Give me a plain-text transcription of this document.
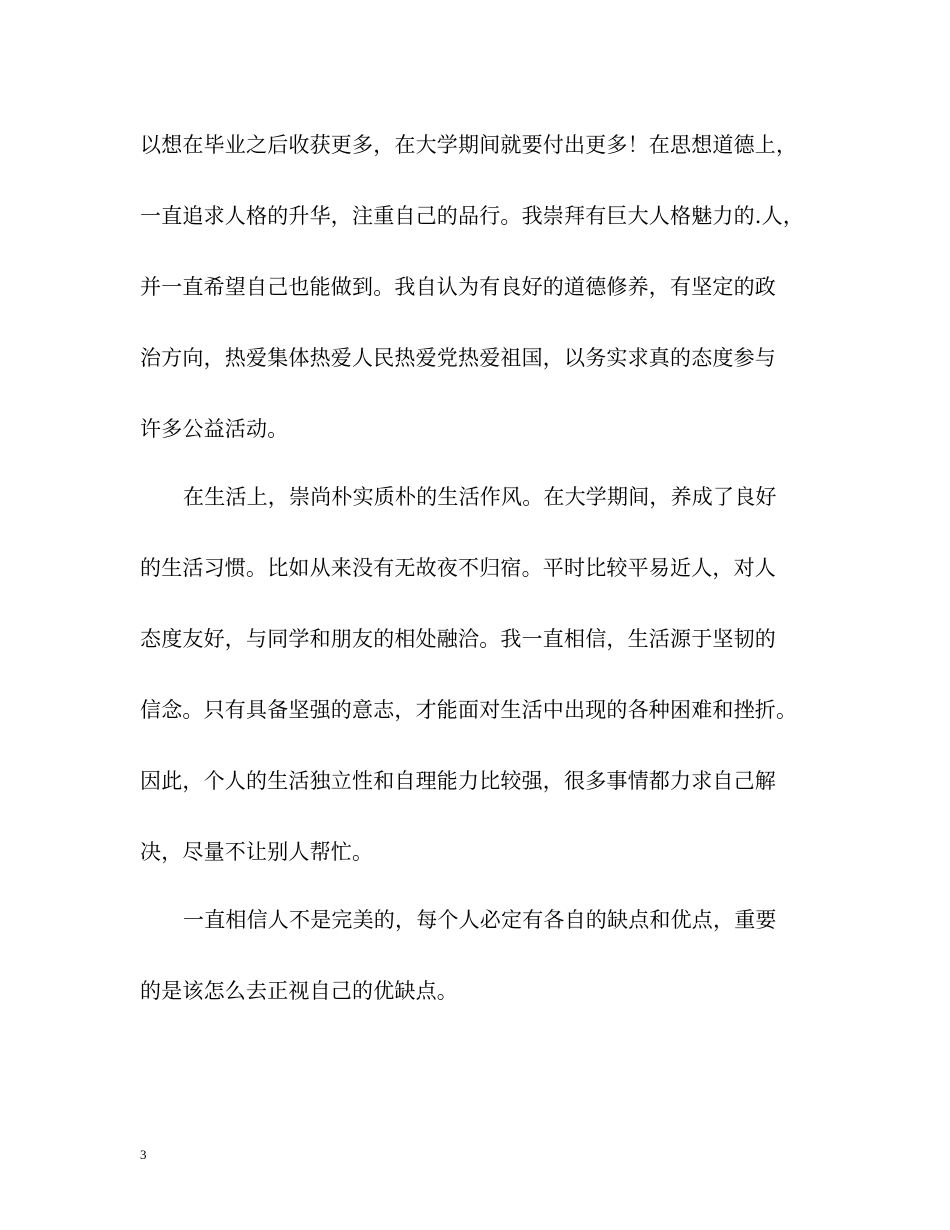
以想在毕业之后收获更多，在大学期间就要付出更多！在思想道德上，
一直追求人格的升华，注重自己的品行。我崇拜有巨大人格魅力的.人，
并一直希望自己也能做到。我自认为有良好的道德修养，有坚定的政
治方向，热爱集体热爱人民热爱党热爱祖国，以务实求真的态度参与
许多公益活动。
在生活上，崇尚朴实质朴的生活作风。在大学期间，养成了良好
的生活习惯。比如从来没有无故夜不归宿。平时比较平易近人，对人
态度友好，与同学和朋友的相处融洽。我一直相信，生活源于坚韧的
信念。只有具备坚强的意志，才能面对生活中出现的各种困难和挫折。
因此，个人的生活独立性和自理能力比较强，很多事情都力求自己解
决，尽量不让别人帮忙。
一直相信人不是完美的，每个人必定有各自的缺点和优点，重要
的是该怎么去正视自己的优缺点。
3
